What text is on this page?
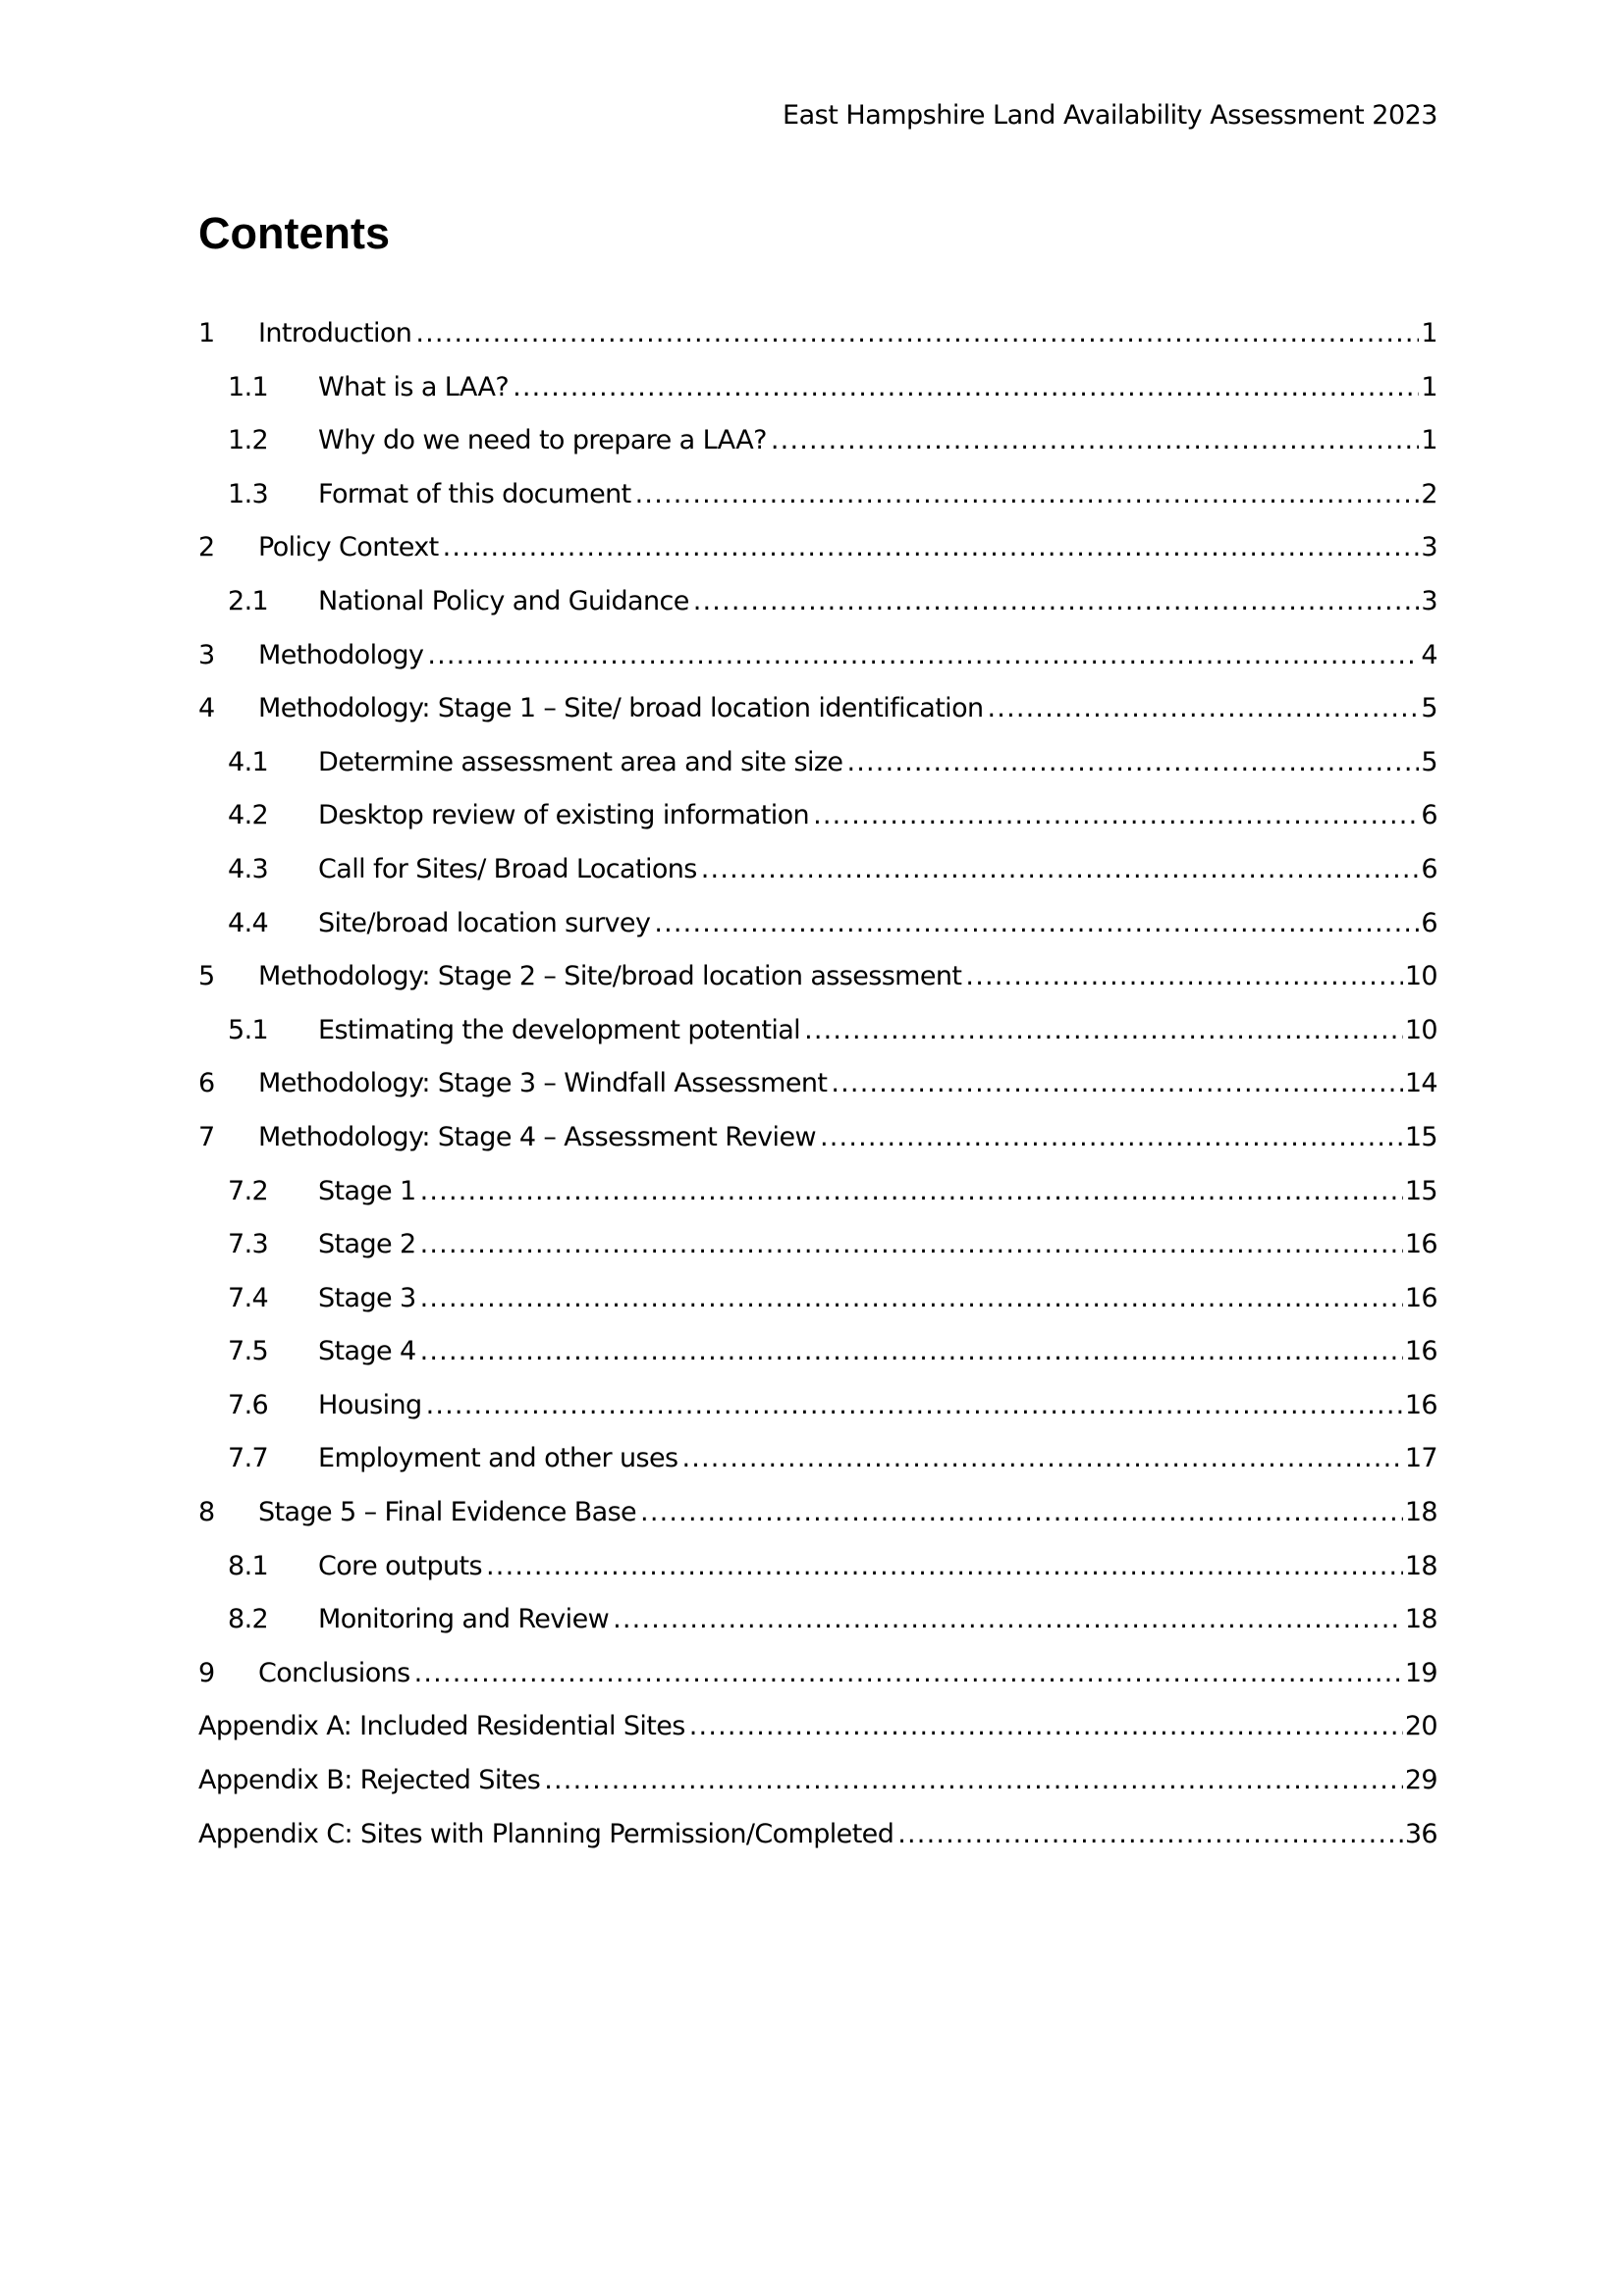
East Hampshire Land Availability Assessment 2023
Contents
1	Introduction .....	1
1.1	What is a LAA? .....	1
1.2	Why do we need to prepare a LAA? .....	1
1.3	Format of this document .....	2
2	Policy Context .....	3
2.1	National Policy and Guidance .....	3
3	Methodology .....	4
4	Methodology: Stage 1 – Site/ broad location identification .....	5
4.1	Determine assessment area and site size .....	5
4.2	Desktop review of existing information .....	6
4.3	Call for Sites/ Broad Locations .....	6
4.4	Site/broad location survey .....	6
5	Methodology: Stage 2 – Site/broad location assessment .....	10
5.1	Estimating the development potential .....	10
6	Methodology: Stage 3 – Windfall Assessment .....	14
7	Methodology: Stage 4 – Assessment Review .....	15
7.2	Stage 1 .....	15
7.3	Stage 2 .....	16
7.4	Stage 3 .....	16
7.5	Stage 4 .....	16
7.6	Housing .....	16
7.7	Employment and other uses .....	17
8	Stage 5 – Final Evidence Base .....	18
8.1	Core outputs .....	18
8.2	Monitoring and Review .....	18
9	Conclusions .....	19
Appendix A: Included Residential Sites .....	20
Appendix B: Rejected Sites .....	29
Appendix C: Sites with Planning Permission/Completed .....	36
